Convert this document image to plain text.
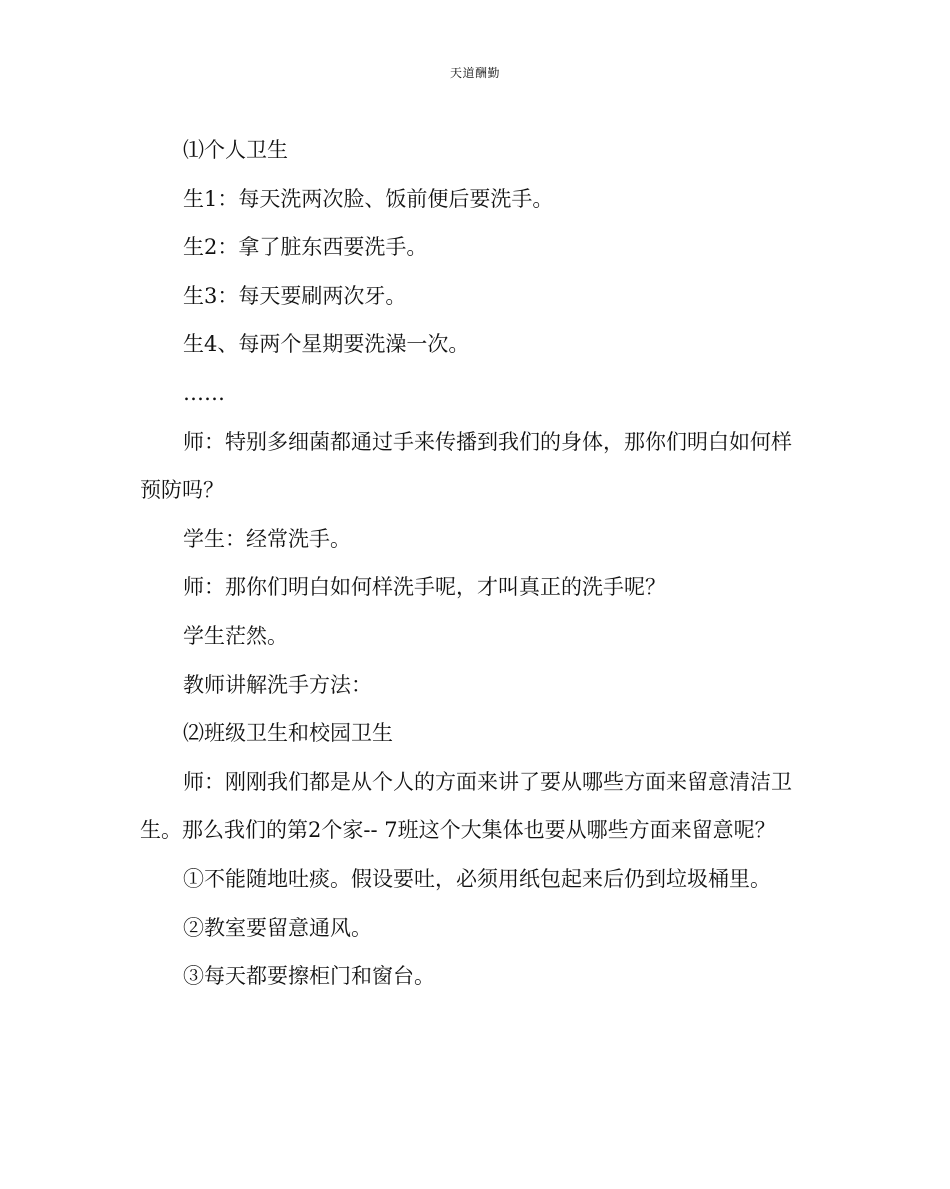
天道酬勤

⑴个人卫生

生1：每天洗两次脸、饭前便后要洗手。

生2：拿了脏东西要洗手。

生3：每天要刷两次牙。

生4、每两个星期要洗澡一次。

……

师：特别多细菌都通过手来传播到我们的身体，那你们明白如何样预防吗？

学生：经常洗手。

师：那你们明白如何样洗手呢，才叫真正的洗手呢？

学生茫然。

教师讲解洗手方法：

⑵班级卫生和校园卫生

师：刚刚我们都是从个人的方面来讲了要从哪些方面来留意清洁卫生。那么我们的第2个家-- 7班这个大集体也要从哪些方面来留意呢？

①不能随地吐痰。假设要吐，必须用纸包起来后仍到垃圾桶里。

②教室要留意通风。

③每天都要擦柜门和窗台。
